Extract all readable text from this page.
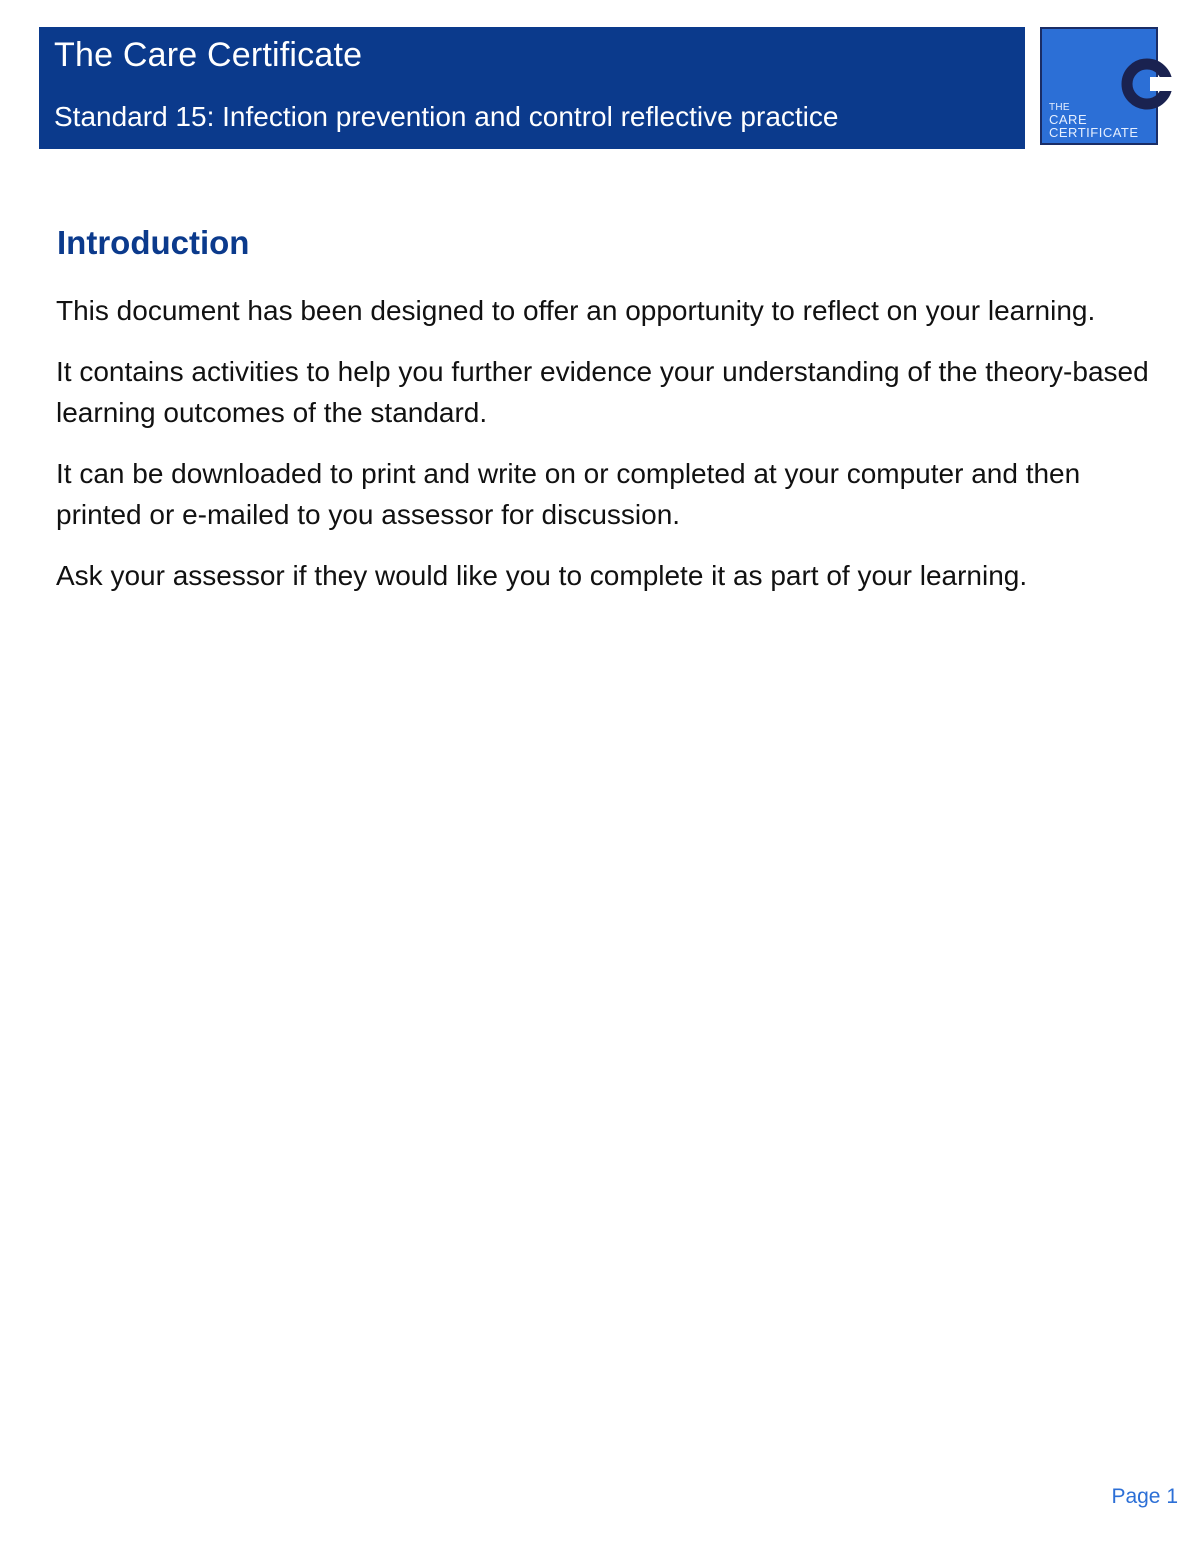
The Care Certificate
Standard 15: Infection prevention and control reflective practice	THE
CARE
CERTIFICATE
Introduction

This document has been designed to offer an opportunity to reflect on your learning.

It contains activities to help you further evidence your understanding of the theory-based learning outcomes of the standard.

It can be downloaded to print and write on or completed at your computer and then printed or e-mailed to you assessor for discussion.

Ask your assessor if they would like you to complete it as part of your learning.

Page 1
